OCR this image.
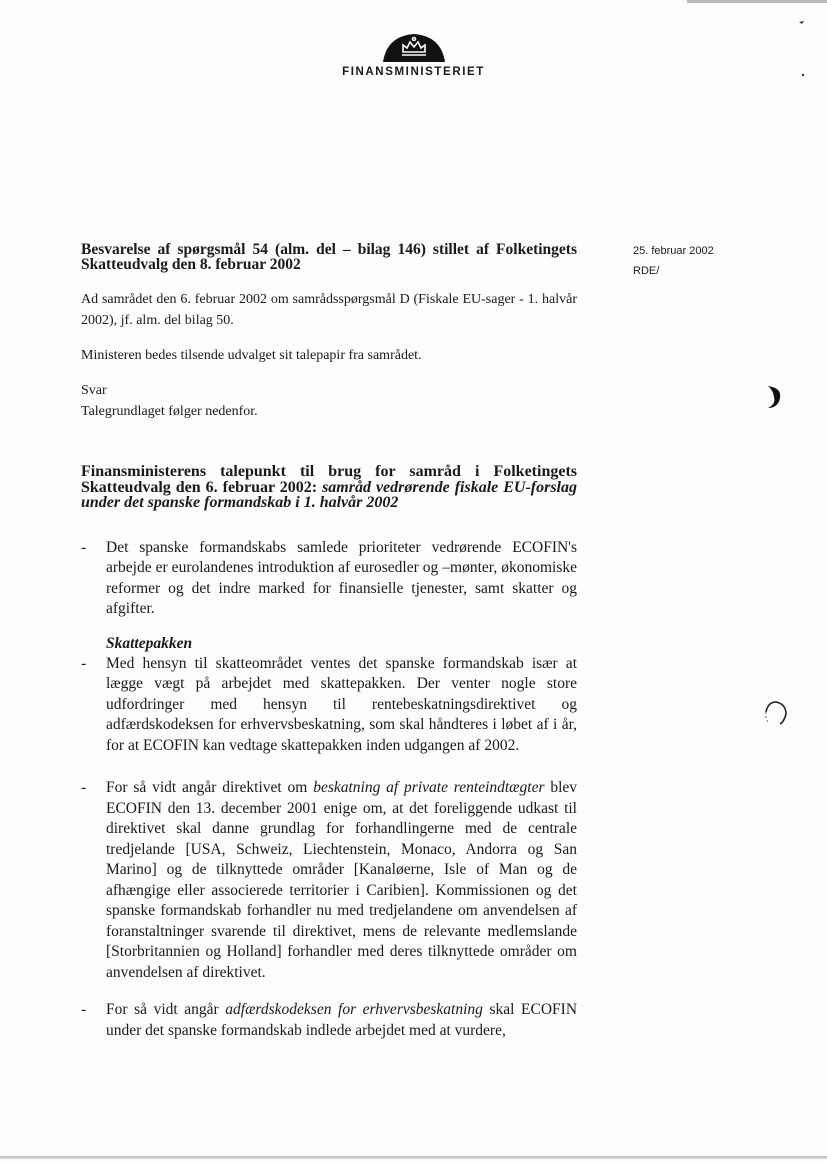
FINANSMINISTERIET
25. februar 2002
RDE/

Besvarelse af spørgsmål 54 (alm. del – bilag 146) stillet af Folketingets Skatteudvalg den 8. februar 2002

Ad samrådet den 6. februar 2002 om samrådsspørgsmål D (Fiskale EU-sager - 1. halvår 2002), jf. alm. del bilag 50.

Ministeren bedes tilsende udvalget sit talepapir fra samrådet.

Svar

Talegrundlaget følger nedenfor.

Finansministerens talepunkt til brug for samråd i Folketingets Skatteudvalg den 6. februar 2002: samråd vedrørende fiskale EU-forslag under det spanske formandskab i 1. halvår 2002

- Det spanske formandskabs samlede prioriteter vedrørende ECOFIN's arbejde er eurolandenes introduktion af eurosedler og –mønter, økonomiske reformer og det indre marked for finansielle tjenester, samt skatter og afgifter.

Skattepakken

- Med hensyn til skatteområdet ventes det spanske formandskab især at lægge vægt på arbejdet med skattepakken. Der venter nogle store udfordringer med hensyn til rentebeskatningsdirektivet og adfærdskodeksen for erhvervsbeskatning, som skal håndteres i løbet af i år, for at ECOFIN kan vedtage skattepakken inden udgangen af 2002.

- For så vidt angår direktivet om beskatning af private renteindtægter blev ECOFIN den 13. december 2001 enige om, at det foreliggende udkast til direktivet skal danne grundlag for forhandlingerne med de centrale tredjelande [USA, Schweiz, Liechtenstein, Monaco, Andorra og San Marino] og de tilknyttede områder [Kanaløerne, Isle of Man og de afhængige eller associerede territorier i Caribien]. Kommissionen og det spanske formandskab forhandler nu med tredjelandene om anvendelsen af foranstaltninger svarende til direktivet, mens de relevante medlemslande [Storbritannien og Holland] forhandler med deres tilknyttede områder om anvendelsen af direktivet.

- For så vidt angår adfærdskodeksen for erhvervsbeskatning skal ECOFIN under det spanske formandskab indlede arbejdet med at vurdere,
